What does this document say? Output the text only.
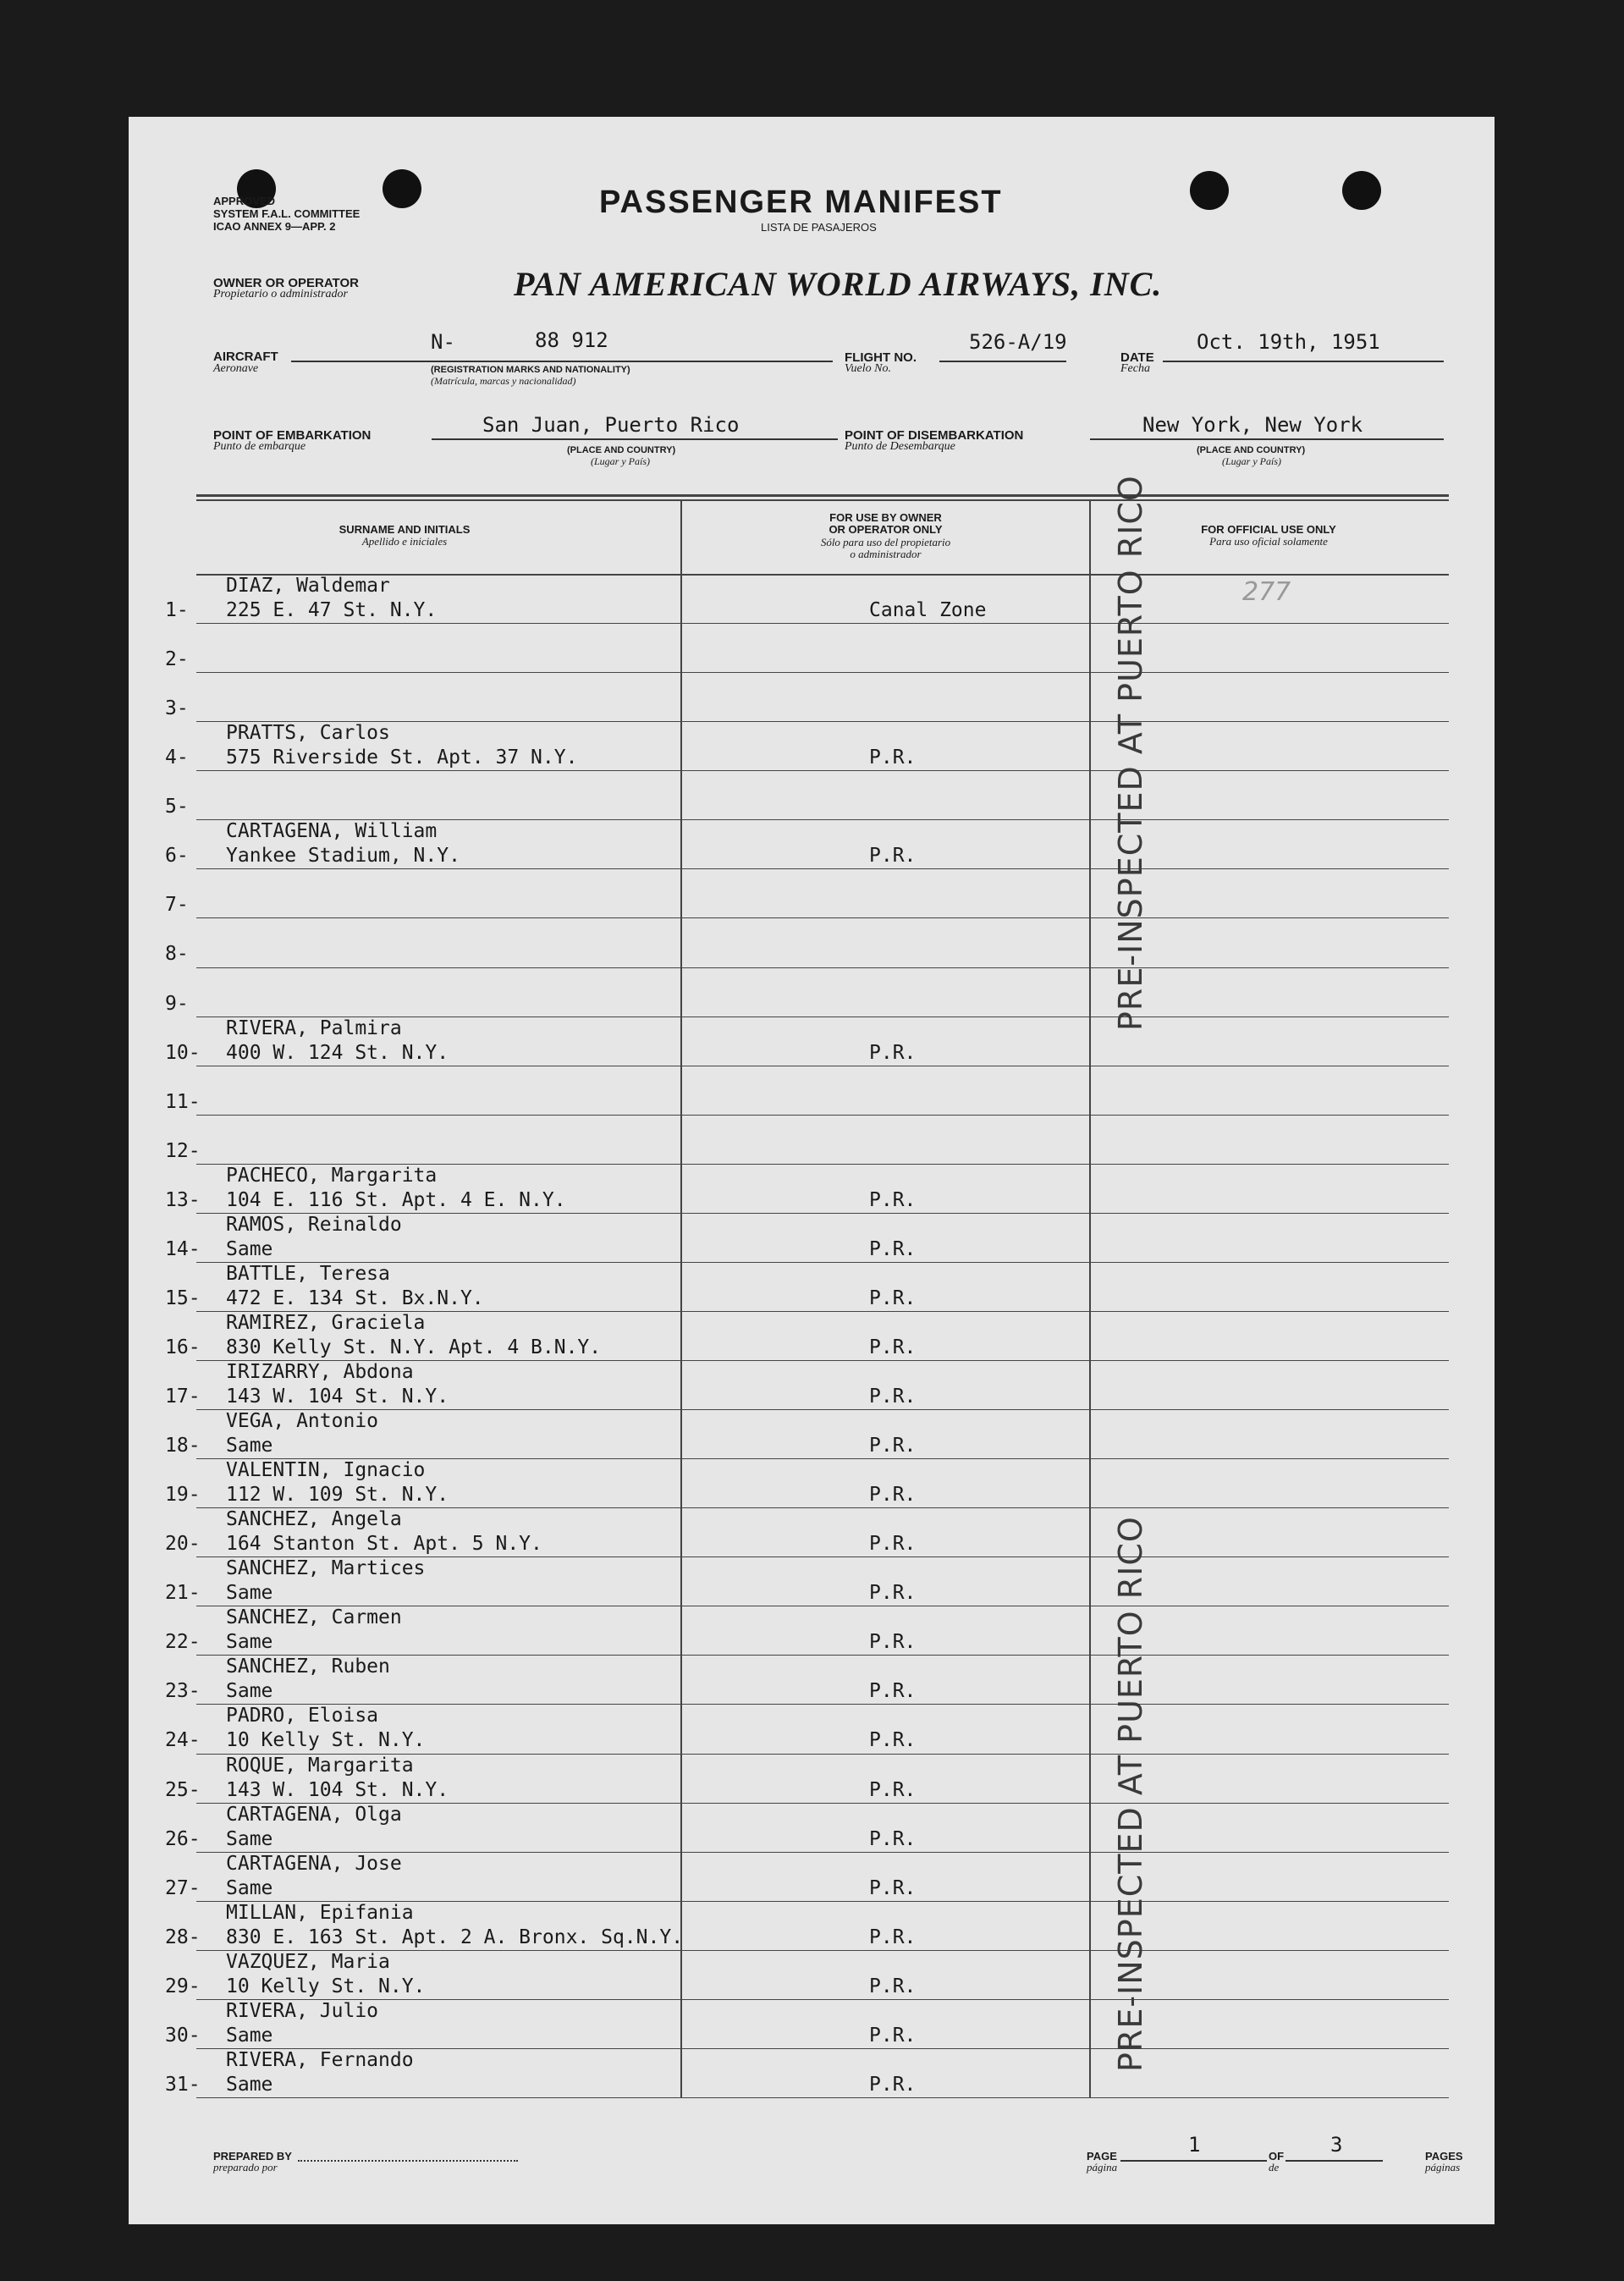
APPROVED
SYSTEM F.A.L. COMMITTEE
ICAO ANNEX 9—APP. 2
PASSENGER MANIFEST
LISTA DE PASAJEROS
OWNER OR OPERATOR
Propietario o administrador	PAN AMERICAN WORLD AIRWAYS, INC.
AIRCRAFT
Aeronave
N-	88 912
(REGISTRATION MARKS AND NATIONALITY)
(Matrícula, marcas y nacionalidad)
FLIGHT NO.
Vuelo No.
526-A/19
DATE
Fecha
Oct. 19th, 1951
POINT OF EMBARKATION
Punto de embarque
San Juan, Puerto Rico
(PLACE AND COUNTRY)
(Lugar y País)
POINT OF DISEMBARKATION
Punto de Desembarque
New York, New York
(PLACE AND COUNTRY)
(Lugar y País)
SURNAME AND INITIALS
Apellido e iniciales
FOR USE BY OWNER
OR OPERATOR ONLY
Sólo para uso del propietario
o administrador
FOR OFFICIAL USE ONLY
Para uso oficial solamente
277
1-
DIAZ, Waldemar
225 E. 47 St. N.Y.	Canal Zone
2-
3-
4-
PRATTS, Carlos
575 Riverside St. Apt. 37 N.Y.	P.R.
5-
6-
CARTAGENA, William
Yankee Stadium, N.Y.	P.R.
7-
8-
9-
10-
RIVERA, Palmira
400 W. 124 St. N.Y.	P.R.
11-
12-
13-
PACHECO, Margarita
104 E. 116 St. Apt. 4 E. N.Y.	P.R.
14-
RAMOS, Reinaldo
Same	P.R.
15-
BATTLE, Teresa
472 E. 134 St. Bx.N.Y.	P.R.
16-
RAMIREZ, Graciela
830 Kelly St. N.Y. Apt. 4 B.N.Y.	P.R.
17-
IRIZARRY, Abdona
143 W. 104 St. N.Y.	P.R.
18-
VEGA, Antonio
Same	P.R.
19-
VALENTIN, Ignacio
112 W. 109 St. N.Y.	P.R.
20-
SANCHEZ, Angela
164 Stanton St. Apt. 5 N.Y.	P.R.
21-
SANCHEZ, Martices
Same	P.R.
22-
SANCHEZ, Carmen
Same	P.R.
23-
SANCHEZ, Ruben
Same	P.R.
24-
PADRO, Eloisa
10 Kelly St. N.Y.	P.R.
25-
ROQUE, Margarita
143 W. 104 St. N.Y.	P.R.
26-
CARTAGENA, Olga
Same	P.R.
27-
CARTAGENA, Jose
Same	P.R.
28-
MILLAN, Epifania
830 E. 163 St. Apt. 2 A. Bronx. Sq.N.Y.	P.R.
29-
VAZQUEZ, Maria
10 Kelly St. N.Y.	P.R.
30-
RIVERA, Julio
Same	P.R.
31-
RIVERA, Fernando
Same	P.R.
PRE-INSPECTED AT PUERTO RICO
PRE-INSPECTED AT PUERTO RICO
PREPARED BY
preparado por
PAGE
página
1	OF
de
3	PAGES
páginas
